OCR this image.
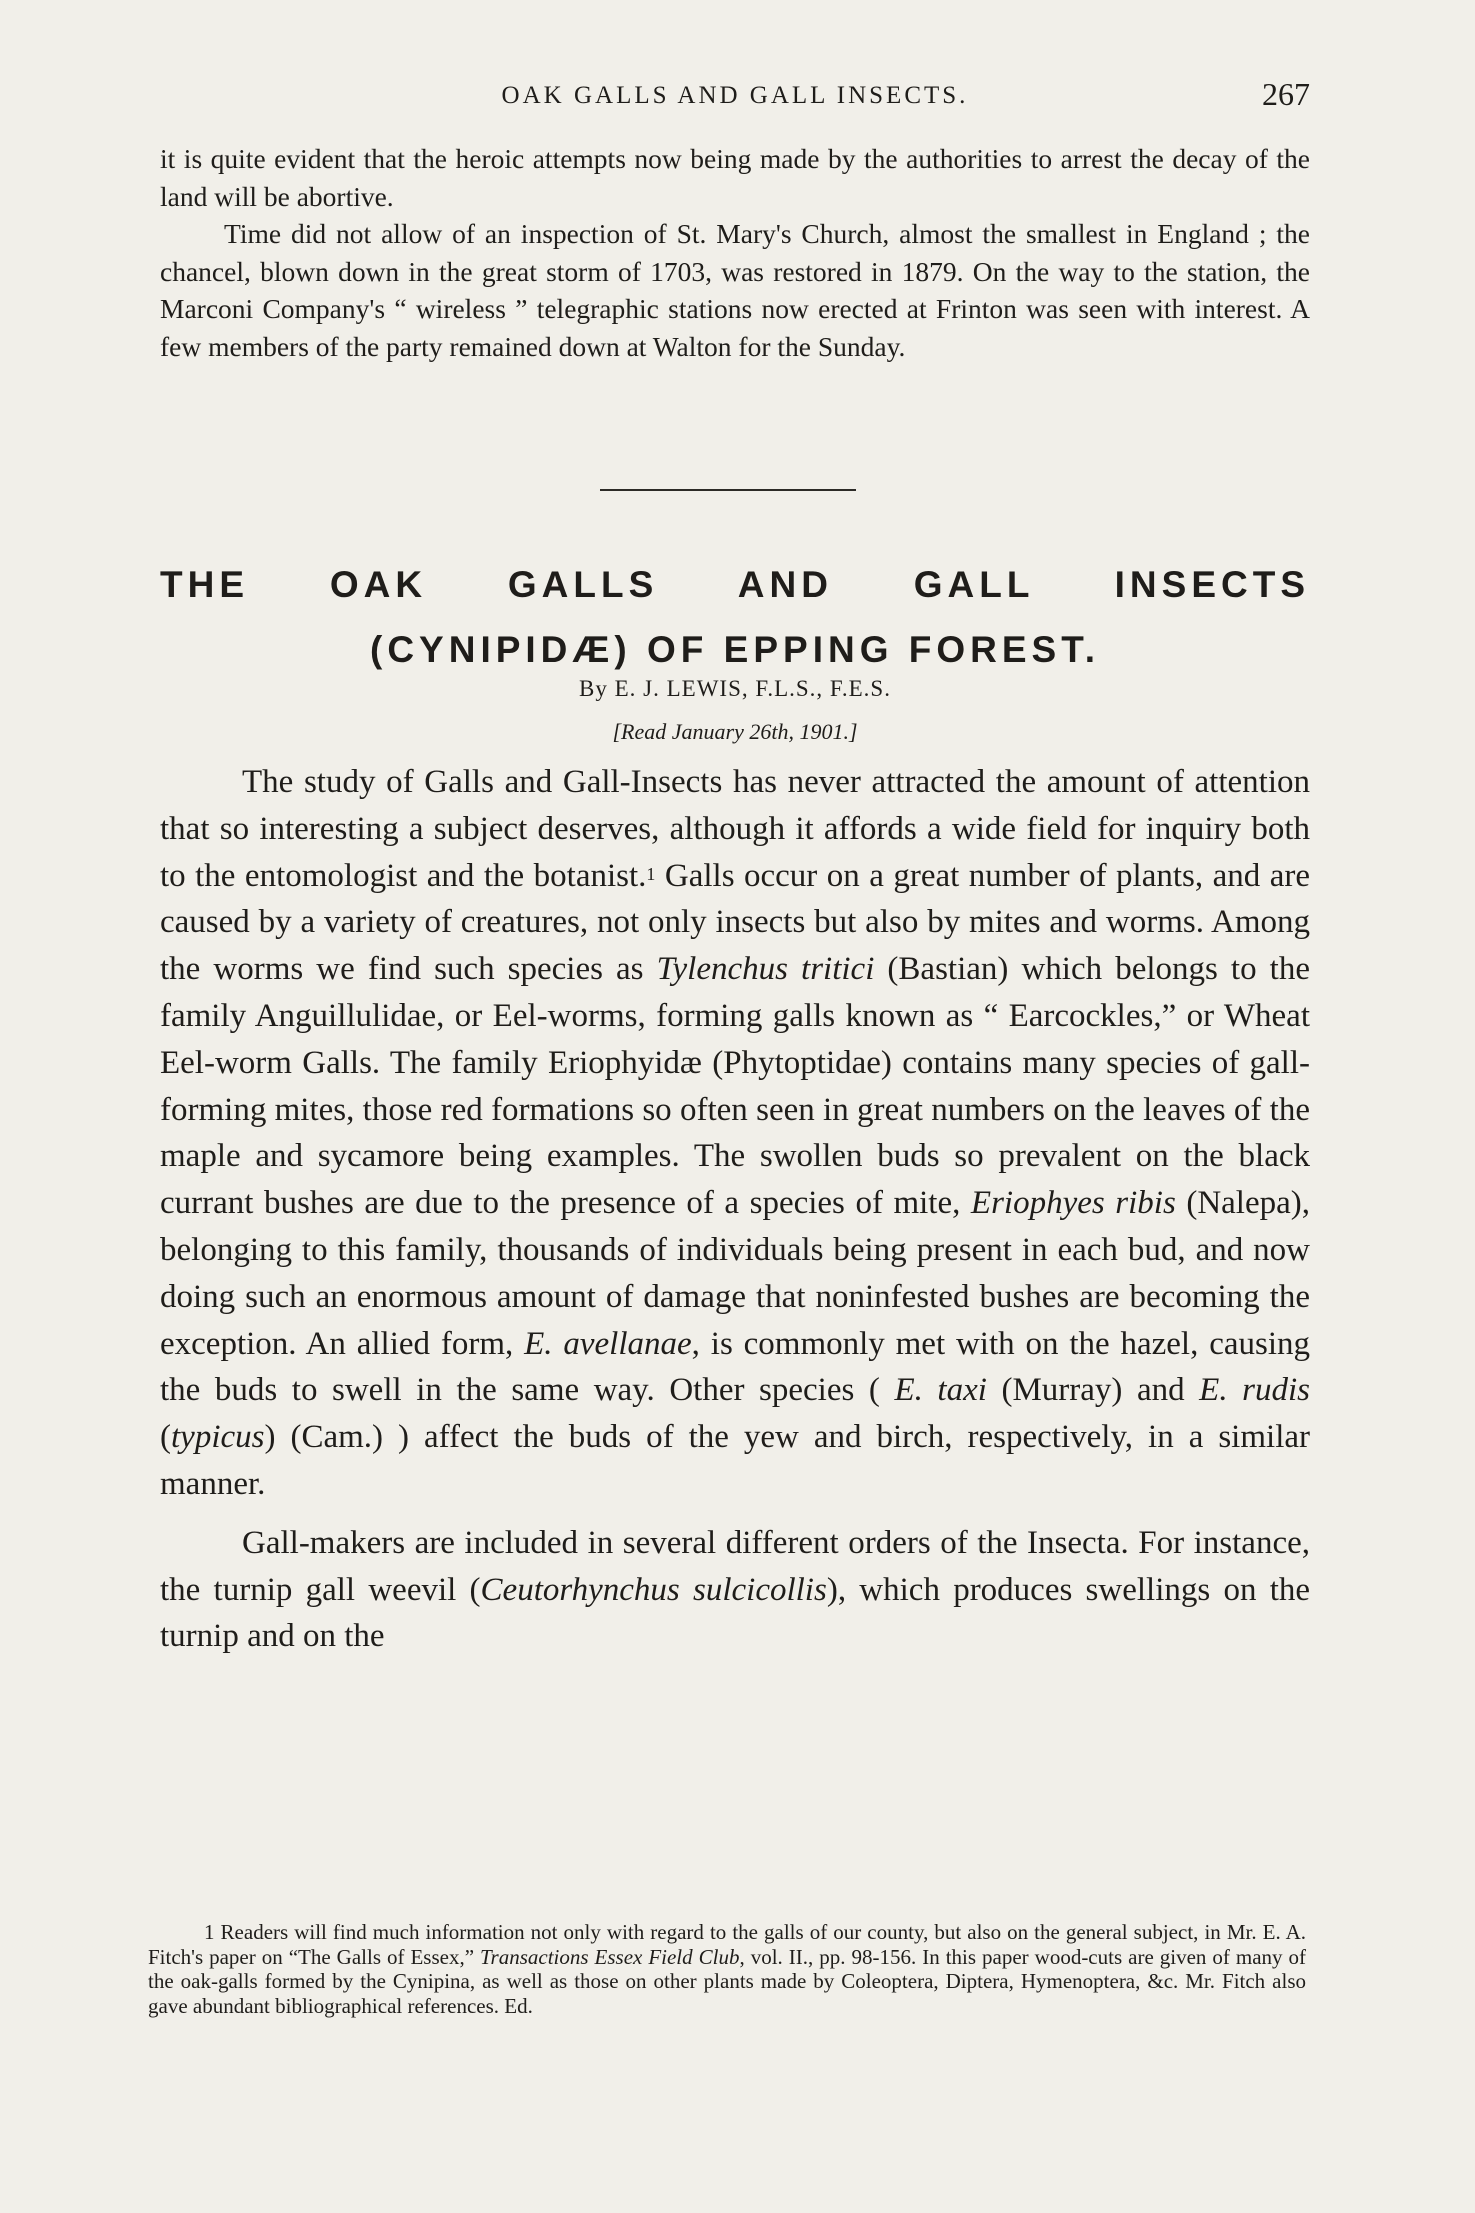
OAK GALLS AND GALL INSECTS.	267

it is quite evident that the heroic attempts now being made by the authorities to arrest the decay of the land will be abortive.

Time did not allow of an inspection of St. Mary's Church, almost the smallest in England ; the chancel, blown down in the great storm of 1703, was restored in 1879. On the way to the station, the Marconi Company's “ wireless ” telegraphic stations now erected at Frinton was seen with interest. A few members of the party remained down at Walton for the Sunday.

THE OAK GALLS AND GALL INSECTS
(CYNIPIDÆ) OF EPPING FOREST.
By E. J. LEWIS, F.L.S., F.E.S.
[Read January 26th, 1901.]

The study of Galls and Gall-Insects has never attracted the amount of attention that so interesting a subject deserves, although it affords a wide field for inquiry both to the entomologist and the botanist.$^1$ Galls occur on a great number of plants, and are caused by a variety of creatures, not only insects but also by mites and worms. Among the worms we find such species as Tylenchus tritici (Bastian) which belongs to the family Anguillulidae, or Eel-worms, forming galls known as “ Earcockles,” or Wheat Eel-worm Galls. The family Eriophyidæ (Phytoptidae) contains many species of gall-forming mites, those red formations so often seen in great numbers on the leaves of the maple and sycamore being examples. The swollen buds so prevalent on the black currant bushes are due to the presence of a species of mite, Eriophyes ribis (Nalepa), belonging to this family, thousands of individuals being present in each bud, and now doing such an enormous amount of damage that noninfested bushes are becoming the exception. An allied form, E. avellanae, is commonly met with on the hazel, causing the buds to swell in the same way. Other species ( E. taxi (Murray) and E. rudis (typicus) (Cam.) ) affect the buds of the yew and birch, respectively, in a similar manner.

Gall-makers are included in several different orders of the Insecta. For instance, the turnip gall weevil (Ceutorhynchus sulcicollis), which produces swellings on the turnip and on the

1 Readers will find much information not only with regard to the galls of our county, but also on the general subject, in Mr. E. A. Fitch's paper on “The Galls of Essex,” Transactions Essex Field Club, vol. II., pp. 98-156. In this paper wood-cuts are given of many of the oak-galls formed by the Cynipina, as well as those on other plants made by Coleoptera, Diptera, Hymenoptera, &c. Mr. Fitch also gave abundant bibliographical references. Ed.
